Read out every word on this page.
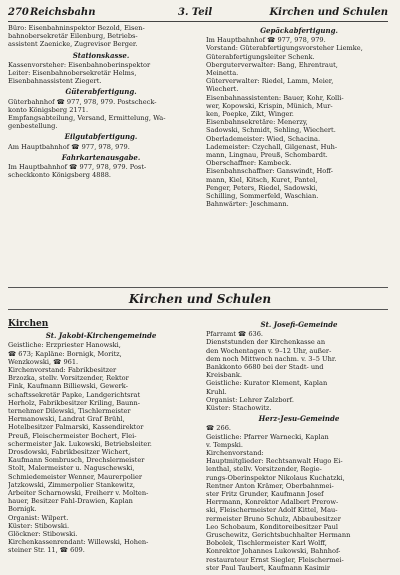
270 Reichsbahn	3. Teil	Kirchen und Schulen
Büro: Eisenbahninspektor Bezold, Eisen-
bahnobersekretär Eilenburg, Betriebs-
assistent Zaenicke, Zugrevisor Berger.
Stationskasse.
Kassenvorsteher: Eisenbahnoberinspektor
Leiter: Eisenbahnobersekretär Helms,
Eisenbahnassistent Ziegert.
Güterabfertigung.
Güterbahnhof ☎ 977, 978, 979. Postscheck-
konto Königsberg 2171.
Empfangsabteilung, Versand, Ermittelung, Wa-
genbestellung.
Eilgutabfertigung.
Am Hauptbahnhof ☎ 977, 978, 979.
Fahrkartenausgabe.
Im Hauptbahnhof ☎ 977, 978, 979. Post-
scheckkonto Königsberg 4888.
Gepäckabfertigung.
Im Hauptbahnhof ☎ 977, 978, 979.
Vorstand: Güterabfertigungsvorsteher Liemke,
Güterabfertigungsleiter Schenk.
Oberguterverwalter: Bang, Ehrentraut,
Meinetta.
Güterverwalter: Riedel, Lamm, Meier,
Wiechert.
Eisenbahnassistenten: Bauer, Kohr, Kolli-
wer, Kopowski, Krispin, Münich, Mur-
ken, Poepke, Zikt, Winger.
Eisenbahnsekretäre: Menerzy,
Sadowski, Schmidt, Sehling, Wiechert.
Oberlademeister: Wied, Schacina.
Lademeister: Czychall, Gilgenast, Huh-
mann, Lingnau, Preuß, Schombardt.
Oberschaffner: Kambeck.
Eisenbahnschaffner: Ganswindt, Hoff-
mann, Kiel, Kitsch, Kuret, Pantel,
Penger, Peters, Riedel, Sadowski,
Schilling, Sommerfeld, Waschian.
Bahnwärter: Jeschmann.
Kirchen und Schulen
Kirchen
St. Jakobi-Kirchengemeinde
Geistliche: Erzpriester Hanowski,
☎ 673; Kapläne: Bornigk, Moritz,
Wenzkowski, ☎ 961.
Kirchenvorstand: Fabrikbesitzer
Brzozka, stellv. Vorsitzender, Rektor
Fink, Kaufmann Billiewski, Gewerk-
schaftssekretär Papke, Landgerichtsrat
Herholz, Fabrikbesitzer Kriling, Baunn-
ternehmer Dilewski, Tischlermeister
Hermanowski, Landrat Graf Brühl,
Hotelbesitzer Palmarski, Kassendirektor
Preuß, Fleischermeister Bochert, Flei-
schermeister Jak. Lukowski, Betriebsleiter.
Drosdowski, Fabrikbesitzer Wichert,
Kaufmann Sombrusch, Drechslermeister
Stolt, Malermeister u. Naguschewski,
Schmiedemeister Wenner, Maurerpolier
Jatzkowski, Zimmerpolier Stankewitz,
Arbeiter Scharnowski, Freiherr v. Molten-
hauer, Besitzer Fahl-Drawien, Kaplan
Bornigk.
Organist: Wilpert.
Küster: Stibowski.
Glöckner: Stibowski.
Kirchenkassenrendant: Willewski, Hohen-
steiner Str. 11, ☎ 609.
St. Josefi-Gemeinde
Pfarramt ☎ 636.
Dienststunden der Kirchenkasse an
den Wochentagen v. 9–12 Uhr, außer-
dem noch Mittwoch nachm. v. 3–5 Uhr.
Bankkonto 6680 bei der Stadt- und
Kreisbank.
Geistliche: Kurator Klement, Kaplan
Kruhl.
Organist: Lehrer Zalzborf.
Küster: Stachowitz.
Herz-Jesu-Gemeinde
☎ 266.
Geistliche: Pfarrer Warnecki, Kaplan
v. Tempski.
Kirchenvorstand:
Hauptmitglieder: Rechtsanwalt Hugo Ei-
lenthal, stellv. Vorsitzender, Regie-
rungs-Oberinspektor Nikolaus Kuchatzki,
Rentner Anton Krämer, Oberbahnmei-
ster Fritz Grunder, Kaufmann Josef
Herrmann, Konrektor Adalbert Prerow-
ski, Fleischermeister Adolf Kittel, Mau-
rermeister Bruno Schulz, Abbaubesitzer
Leo Schobaum, Konditoreibesitzer Paul
Gruschewitz, Gerichtsbuchhalter Hermann
Bobolek, Tischlermeister Karl Wolff,
Konrektor Johannes Lukowski, Bahnhof-
restaurateur Ernst Siegler, Fleischermei-
ster Paul Taubert, Kaufmann Kasimir
